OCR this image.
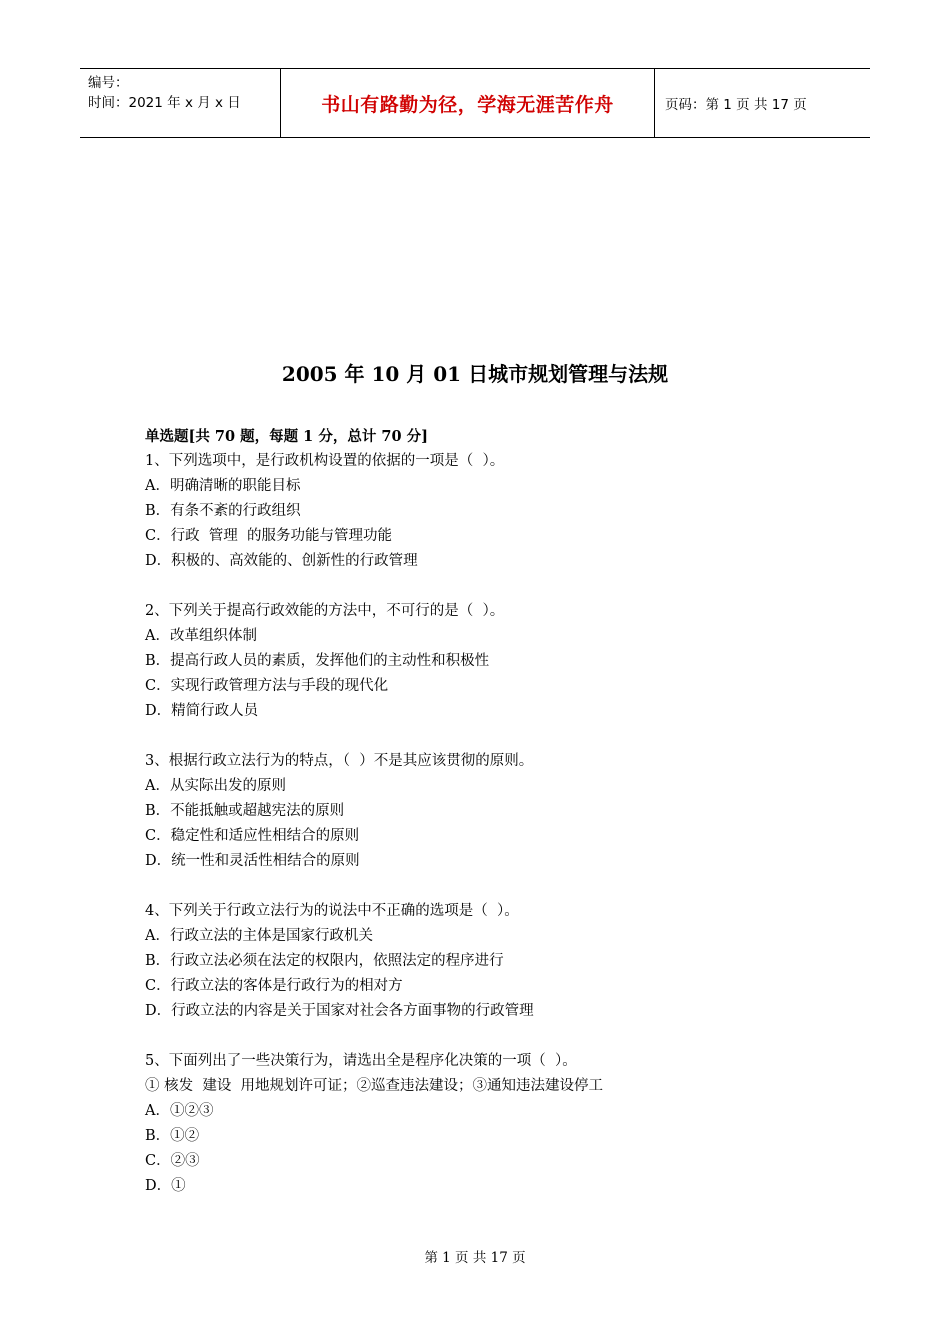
编号：
时间：2021 年 x 月 x 日	书山有路勤为径，学海无涯苦作舟	页码：第 1 页 共 17 页
2005 年 10 月 01 日城市规划管理与法规
单选题[共 70 题，每题 1 分，总计 70 分]
1、下列选项中，是行政机构设置的依据的一项是（  ）。
A．明确清晰的职能目标
B．有条不紊的行政组织
C．行政  管理  的服务功能与管理功能
D．积极的、高效能的、创新性的行政管理
2、下列关于提高行政效能的方法中，不可行的是（  ）。
A．改革组织体制
B．提高行政人员的素质，发挥他们的主动性和积极性
C．实现行政管理方法与手段的现代化
D．精简行政人员
3、根据行政立法行为的特点，（  ）不是其应该贯彻的原则。
A．从实际出发的原则
B．不能抵触或超越宪法的原则
C．稳定性和适应性相结合的原则
D．统一性和灵活性相结合的原则
4、下列关于行政立法行为的说法中不正确的选项是（  ）。
A．行政立法的主体是国家行政机关
B．行政立法必须在法定的权限内，依照法定的程序进行
C．行政立法的客体是行政行为的相对方
D．行政立法的内容是关于国家对社会各方面事物的行政管理
5、下面列出了一些决策行为，请选出全是程序化决策的一项（  ）。
① 核发  建设  用地规划许可证；②巡查违法建设；③通知违法建设停工
A．①②③
B．①②
C．②③
D．①
第 1 页 共 17 页
